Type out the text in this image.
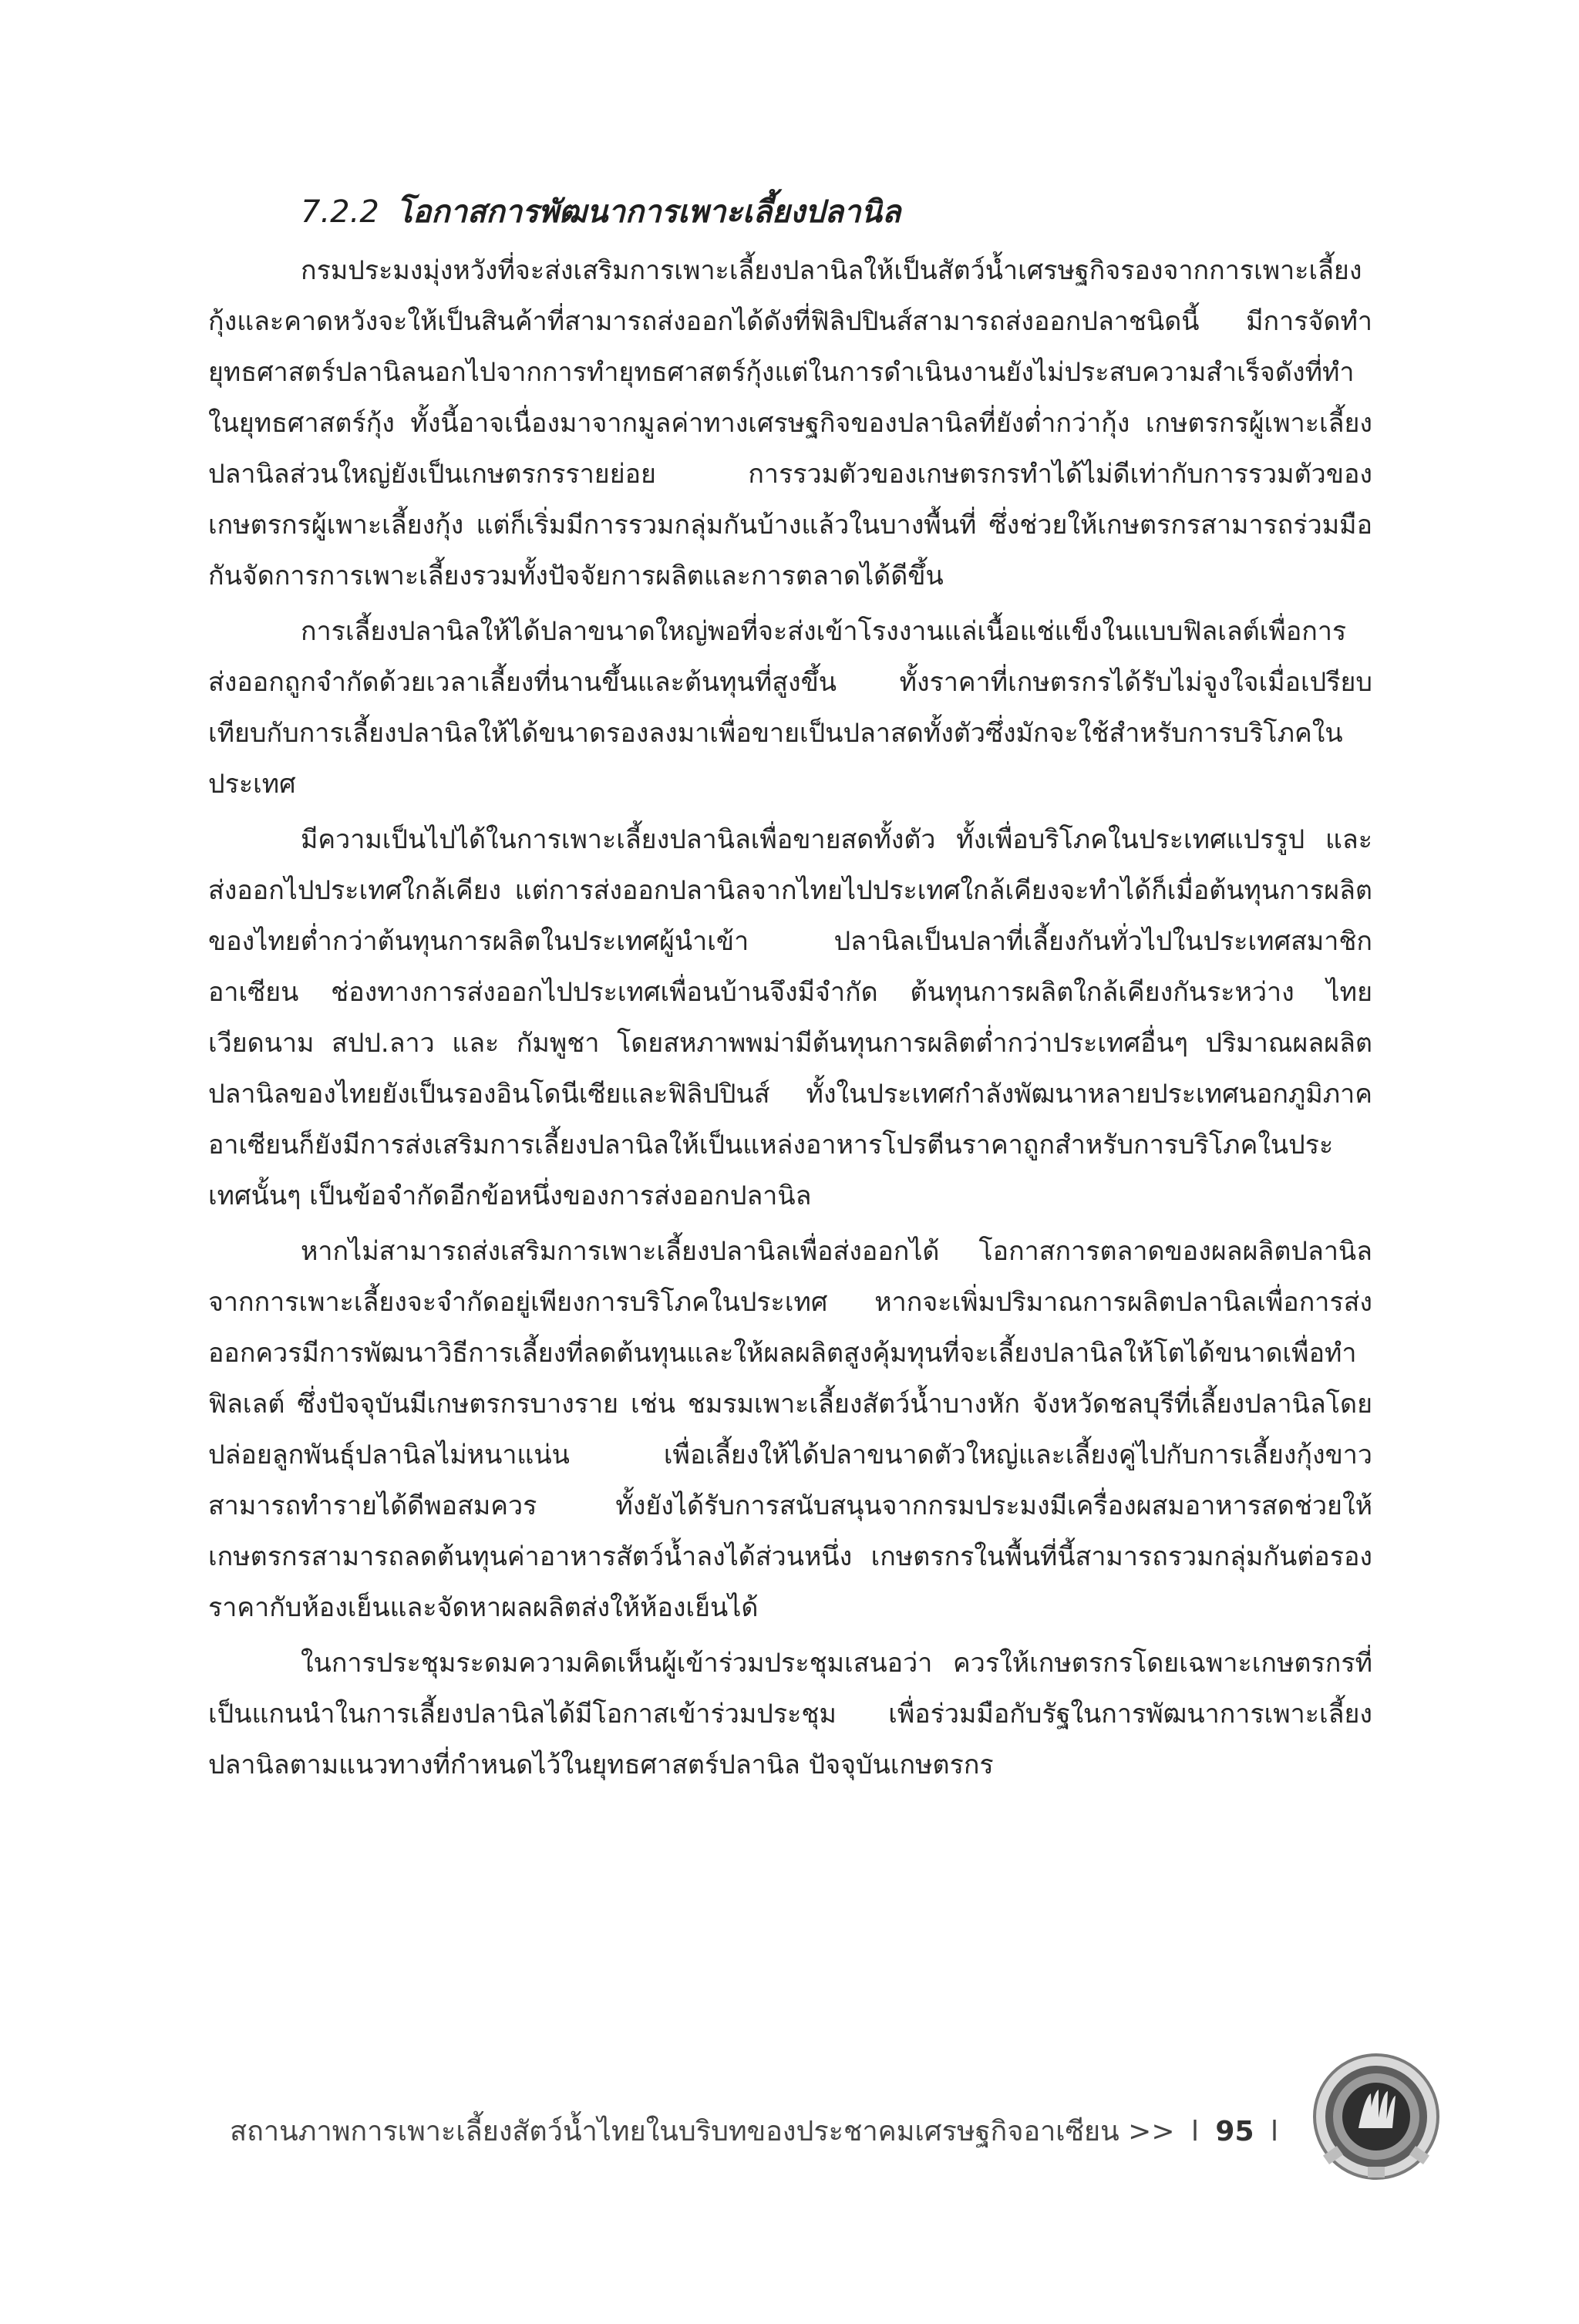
7.2.2 โอกาสการพัฒนาการเพาะเลี้ยงปลานิล

กรมประมงมุ่งหวังที่จะส่งเสริมการเพาะเลี้ยงปลานิลให้เป็นสัตว์น้ำเศรษฐกิจรองจากการเพาะเลี้ยงกุ้งและคาดหวังจะให้เป็นสินค้าที่สามารถส่งออกได้ดังที่ฟิลิปปินส์สามารถส่งออกปลาชนิดนี้ มีการจัดทำยุทธศาสตร์ปลานิลนอกไปจากการทำยุทธศาสตร์กุ้งแต่ในการดำเนินงานยังไม่ประสบความสำเร็จดังที่ทำในยุทธศาสตร์กุ้ง ทั้งนี้อาจเนื่องมาจากมูลค่าทางเศรษฐกิจของปลานิลที่ยังต่ำกว่ากุ้ง เกษตรกรผู้เพาะเลี้ยงปลานิลส่วนใหญ่ยังเป็นเกษตรกรรายย่อย การรวมตัวของเกษตรกรทำได้ไม่ดีเท่ากับการรวมตัวของเกษตรกรผู้เพาะเลี้ยงกุ้ง แต่ก็เริ่มมีการรวมกลุ่มกันบ้างแล้วในบางพื้นที่ ซึ่งช่วยให้เกษตรกรสามารถร่วมมือกันจัดการการเพาะเลี้ยงรวมทั้งปัจจัยการผลิตและการตลาดได้ดีขึ้น

การเลี้ยงปลานิลให้ได้ปลาขนาดใหญ่พอที่จะส่งเข้าโรงงานแล่เนื้อแช่แข็งในแบบฟิลเลต์เพื่อการส่งออกถูกจำกัดด้วยเวลาเลี้ยงที่นานขึ้นและต้นทุนที่สูงขึ้น ทั้งราคาที่เกษตรกรได้รับไม่จูงใจเมื่อเปรียบเทียบกับการเลี้ยงปลานิลให้ได้ขนาดรองลงมาเพื่อขายเป็นปลาสดทั้งตัวซึ่งมักจะใช้สำหรับการบริโภคในประเทศ

มีความเป็นไปได้ในการเพาะเลี้ยงปลานิลเพื่อขายสดทั้งตัว ทั้งเพื่อบริโภคในประเทศแปรรูป และส่งออกไปประเทศใกล้เคียง แต่การส่งออกปลานิลจากไทยไปประเทศใกล้เคียงจะทำได้ก็เมื่อต้นทุนการผลิตของไทยต่ำกว่าต้นทุนการผลิตในประเทศผู้นำเข้า ปลานิลเป็นปลาที่เลี้ยงกันทั่วไปในประเทศสมาชิกอาเซียน ช่องทางการส่งออกไปประเทศเพื่อนบ้านจึงมีจำกัด ต้นทุนการผลิตใกล้เคียงกันระหว่าง ไทย เวียดนาม สปป.ลาว และ กัมพูชา โดยสหภาพพม่ามีต้นทุนการผลิตต่ำกว่าประเทศอื่นๆ ปริมาณผลผลิตปลานิลของไทยยังเป็นรองอินโดนีเซียและฟิลิปปินส์ ทั้งในประเทศกำลังพัฒนาหลายประเทศนอกภูมิภาคอาเซียนก็ยังมีการส่งเสริมการเลี้ยงปลานิลให้เป็นแหล่งอาหารโปรตีนราคาถูกสำหรับการบริโภคในประเทศนั้นๆ เป็นข้อจำกัดอีกข้อหนึ่งของการส่งออกปลานิล

หากไม่สามารถส่งเสริมการเพาะเลี้ยงปลานิลเพื่อส่งออกได้ โอกาสการตลาดของผลผลิตปลานิลจากการเพาะเลี้ยงจะจำกัดอยู่เพียงการบริโภคในประเทศ หากจะเพิ่มปริมาณการผลิตปลานิลเพื่อการส่งออกควรมีการพัฒนาวิธีการเลี้ยงที่ลดต้นทุนและให้ผลผลิตสูงคุ้มทุนที่จะเลี้ยงปลานิลให้โตได้ขนาดเพื่อทำฟิลเลต์ ซึ่งปัจจุบันมีเกษตรกรบางราย เช่น ชมรมเพาะเลี้ยงสัตว์น้ำบางหัก จังหวัดชลบุรีที่เลี้ยงปลานิลโดยปล่อยลูกพันธุ์ปลานิลไม่หนาแน่น เพื่อเลี้ยงให้ได้ปลาขนาดตัวใหญ่และเลี้ยงคู่ไปกับการเลี้ยงกุ้งขาว สามารถทำรายได้ดีพอสมควร ทั้งยังได้รับการสนับสนุนจากกรมประมงมีเครื่องผสมอาหารสดช่วยให้เกษตรกรสามารถลดต้นทุนค่าอาหารสัตว์น้ำลงได้ส่วนหนึ่ง เกษตรกรในพื้นที่นี้สามารถรวมกลุ่มกันต่อรองราคากับห้องเย็นและจัดหาผลผลิตส่งให้ห้องเย็นได้

ในการประชุมระดมความคิดเห็นผู้เข้าร่วมประชุมเสนอว่า ควรให้เกษตรกรโดยเฉพาะเกษตรกรที่เป็นแกนนำในการเลี้ยงปลานิลได้มีโอกาสเข้าร่วมประชุม เพื่อร่วมมือกับรัฐในการพัฒนาการเพาะเลี้ยงปลานิลตามแนวทางที่กำหนดไว้ในยุทธศาสตร์ปลานิล ปัจจุบันเกษตรกร

สถานภาพการเพาะเลี้ยงสัตว์น้ำไทยในบริบทของประชาคมเศรษฐกิจอาเซียน >> l 95 l
